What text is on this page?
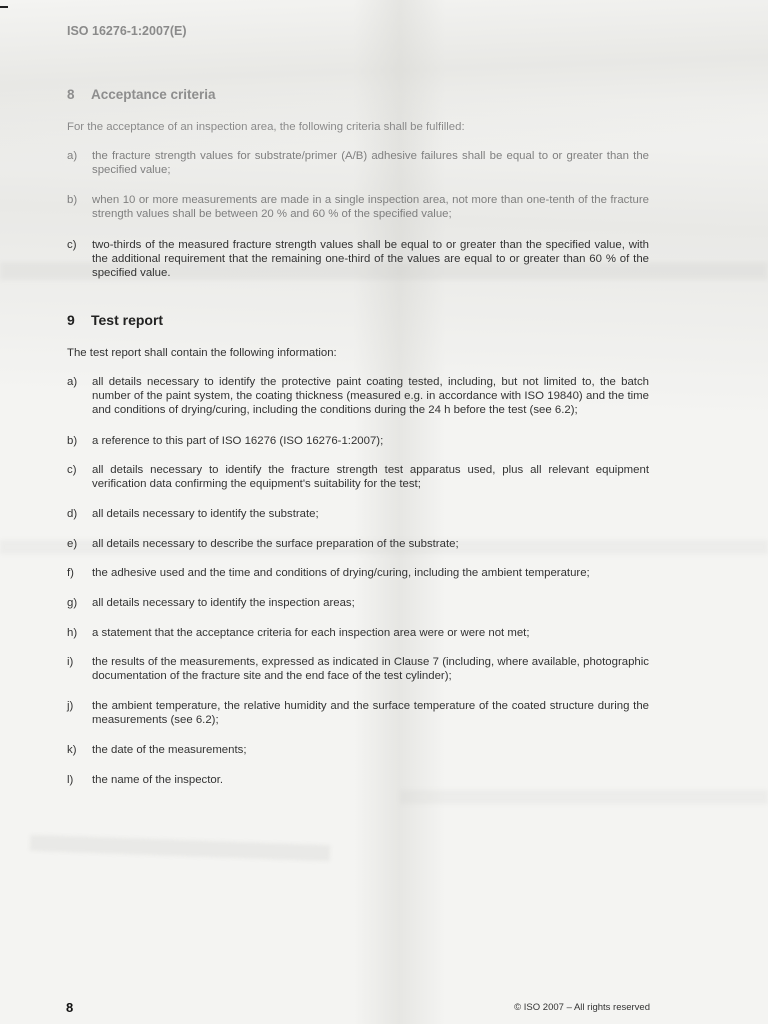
ISO 16276-1:2007(E)
8 Acceptance criteria
For the acceptance of an inspection area, the following criteria shall be fulfilled:
a)	the fracture strength values for substrate/primer (A/B) adhesive failures shall be equal to or greater than the specified value;
b)	when 10 or more measurements are made in a single inspection area, not more than one-tenth of the fracture strength values shall be between 20 % and 60 % of the specified value;
c)	two-thirds of the measured fracture strength values shall be equal to or greater than the specified value, with the additional requirement that the remaining one-third of the values are equal to or greater than 60 % of the specified value.
9 Test report
The test report shall contain the following information:
a)	all details necessary to identify the protective paint coating tested, including, but not limited to, the batch number of the paint system, the coating thickness (measured e.g. in accordance with ISO 19840) and the time and conditions of drying/curing, including the conditions during the 24 h before the test (see 6.2);
b)	a reference to this part of ISO 16276 (ISO 16276-1:2007);
c)	all details necessary to identify the fracture strength test apparatus used, plus all relevant equipment verification data confirming the equipment's suitability for the test;
d)	all details necessary to identify the substrate;
e)	all details necessary to describe the surface preparation of the substrate;
f)	the adhesive used and the time and conditions of drying/curing, including the ambient temperature;
g)	all details necessary to identify the inspection areas;
h)	a statement that the acceptance criteria for each inspection area were or were not met;
i)	the results of the measurements, expressed as indicated in Clause 7 (including, where available, photographic documentation of the fracture site and the end face of the test cylinder);
j)	the ambient temperature, the relative humidity and the surface temperature of the coated structure during the measurements (see 6.2);
k)	the date of the measurements;
l)	the name of the inspector.
8	© ISO 2007 – All rights reserved
